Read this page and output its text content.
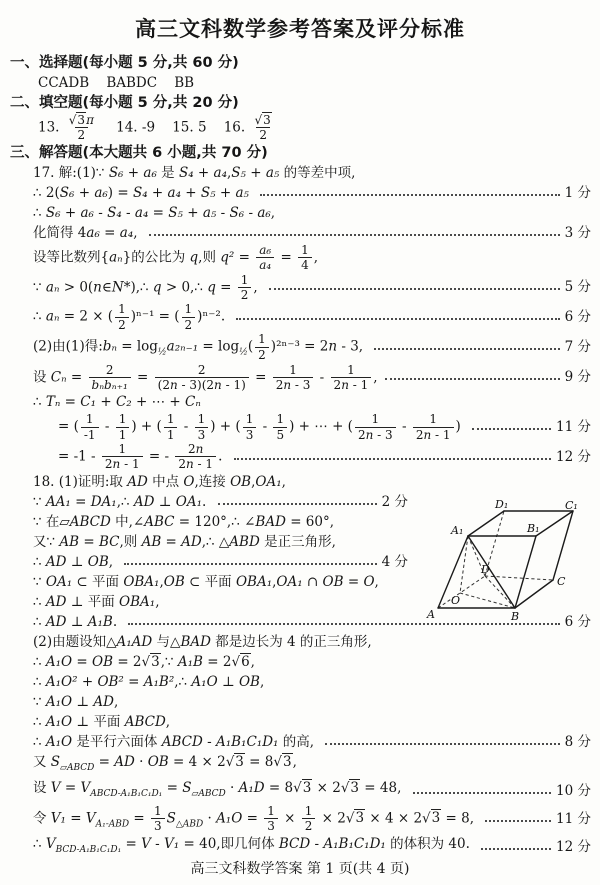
高三文科数学参考答案及评分标准
一、选择题(每小题 5 分,共 60 分)
CCADB    BABDC    BB
二、填空题(每小题 5 分,共 20 分)
13. $\frac{√3\pi}{2} 14$. -9    15. 5    16. $\frac{√3}{2}$
三、解答题(本大题共 6 小题,共 70 分)
17. 解:(1)∵ S₆ + a₆ 是 S₄ + a₄,S₅ + a₅ 的等差中项,
∴ 2(S₆ + a₆) = S₄ + a₄ + S₅ + a₅	1 分
∴ S₆ + a₆ - S₄ - a₄ = S₅ + a₅ - S₆ - a₆,
化简得 4a₆ = a₄,	3 分
设等比数列{aₙ}的公比为 q,则 $q^2 = \frac{\text{a₆}}{\text{a₄}} = \frac{1}{4}$ ,
∵ aₙ > 0(n∈N*),∴ q > 0,∴ $q = \frac{1}{2}$ ,	5 分
∴ aₙ = 2 × ( $\frac{1}{2} )^{n-1}$ = ( $\frac{1}{2} )^{n-2}$.	6 分
(2)由(1)得:bₙ = $\log_{\frac{1}{2}}a_{2n-1} = \log_{\frac{1}{2}}( \frac{1}{2} )^{2n-3} = 2n - 3$,	7 分
设 Cₙ = 2
$b_nb_{n+1} = \frac{2}{(2n - 3)(2n - 1)} = \frac{1}{2n - 3} - \frac{1}{2n - 1}$ ,	9 分
∴ Tₙ = C₁ + C₂ + ⋯ + Cₙ
= ( $\frac{1}{-1} - \frac{1}{1}$ ) + ( $\frac{1}{1} - \frac{1}{3}$ ) + ( $\frac{1}{3} - \frac{1}{5}$ ) + ⋯ + ( $\frac{1}{2n - 3} - \frac{1}{2n - 1}$ )	11 分
= $-1 - \frac{1}{2n - 1}$ = - $\frac{2n}{2n - 1}$ .	12 分
18. (1)证明:取 AD 中点 O,连接 OB,OA₁,
∵ AA₁ = DA₁,∴ AD ⊥ OA₁.	2 分
∵ 在▱ABCD 中,∠ABC = 120°,∴ ∠BAD = 60°,
又∵ AB = BC,则 AB = AD,∴ △ABD 是正三角形,
∴ AD ⊥ OB,	4 分
∵ OA₁ ⊂ 平面 OBA₁,OB ⊂ 平面 OBA₁,OA₁ ∩ OB = O,
∴ AD ⊥ 平面 OBA₁,
∴ AD ⊥ A₁B.	6 分
(2)由题设知△A₁AD 与△BAD 都是边长为 4 的正三角形,
∴ A₁O = OB = 2√3,∵ A₁B = 2√6,
∴ A₁O² + OB² = A₁B²,∴ A₁O ⊥ OB,
∵ A₁O ⊥ AD,
∴ A₁O ⊥ 平面 ABCD,
∴ A₁O 是平行六面体 ABCD - A₁B₁C₁D₁ 的高,	8 分
又 $S_{▱ABCD}$ = AD · OB = 4 × 2√3 = 8√3,
设 $V = V_{ABCD-A_1B_1C_1D_1} = S_{▱ABCD} \cdot A_1D = 8√3 \times 2√3 = 48$,	10 分
令 $V_1 = V_{A_1-ABD} = \frac{1}{3} S_{\triangle ABD} \cdot A_1O = \frac{1}{3} \times \frac{1}{2} \times 2√3 \times 4 \times 2√3 = 8$,	11 分
∴ $V_{BCD-A_1B_1C_1D_1} = V - V_1 = 40$,即几何体 BCD - A₁B₁C₁D₁ 的体积为 40.	12 分
A	B
C
D
O
A₁	B₁
C₁
D₁
高三文科数学答案 第 1 页(共 4 页)
